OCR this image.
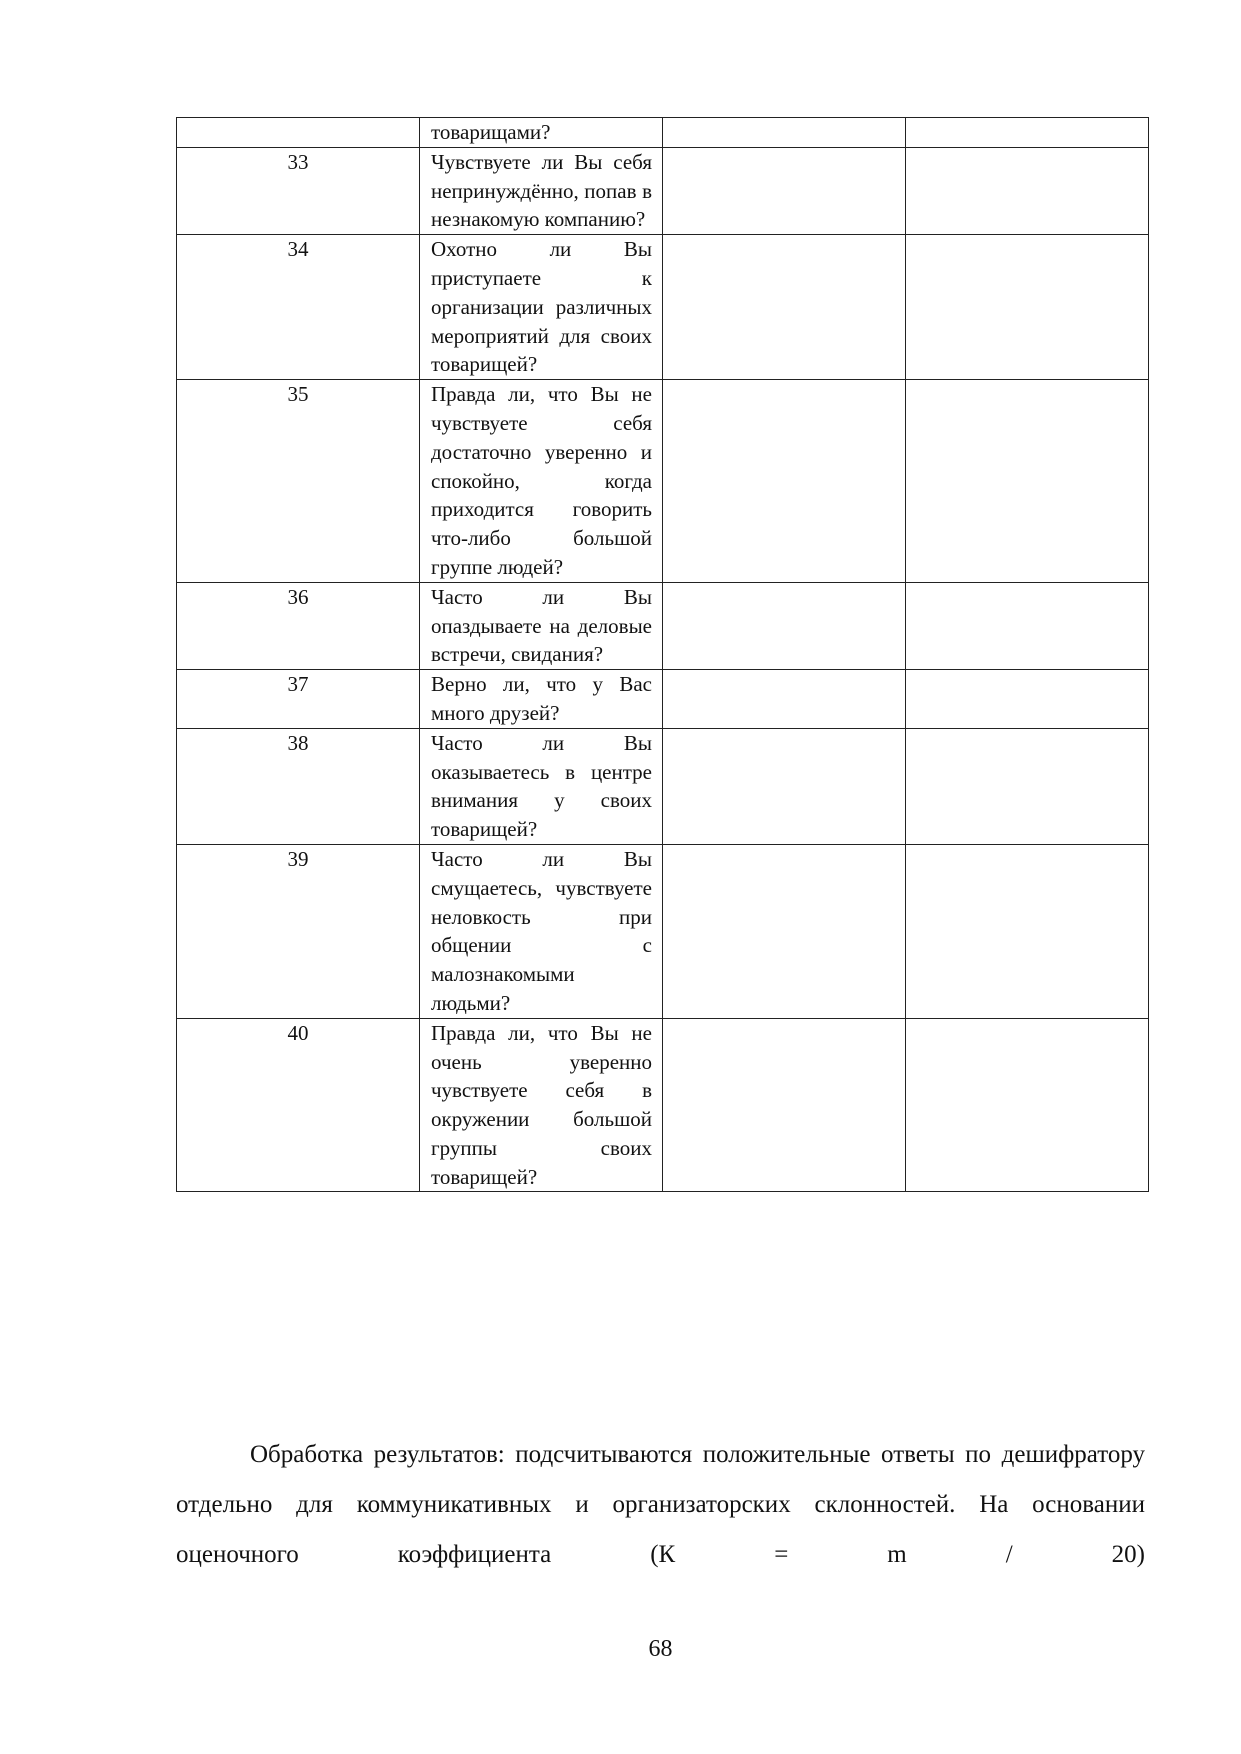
	товарищами?		

33	Чувствуете ли Вы себя непринуждённо, попав в незнакомую компанию?		

34	Охотно ли Вы приступаете к организации различных мероприятий для своих товарищей?		

35	Правда ли, что Вы не чувствуете себя достаточно уверенно и спокойно, когда приходится говорить что-либо большой группе людей?		

36	Часто ли Вы опаздываете на деловые встречи, свидания?		

37	Верно ли, что у Вас много друзей?		

38	Часто ли Вы оказываетесь в центре внимания у своих товарищей?		

39	Часто ли Вы смущаетесь, чувствуете неловкость при общении с малознакомыми людьми?		

40	Правда ли, что Вы не очень уверенно чувствуете себя в окружении большой группы своих товарищей?		

Обработка результатов: подсчитываются положительные ответы по дешифратору отдельно для коммуникативных и организаторских склонностей. На основании оценочного коэффициента (К = m / 20)

68
